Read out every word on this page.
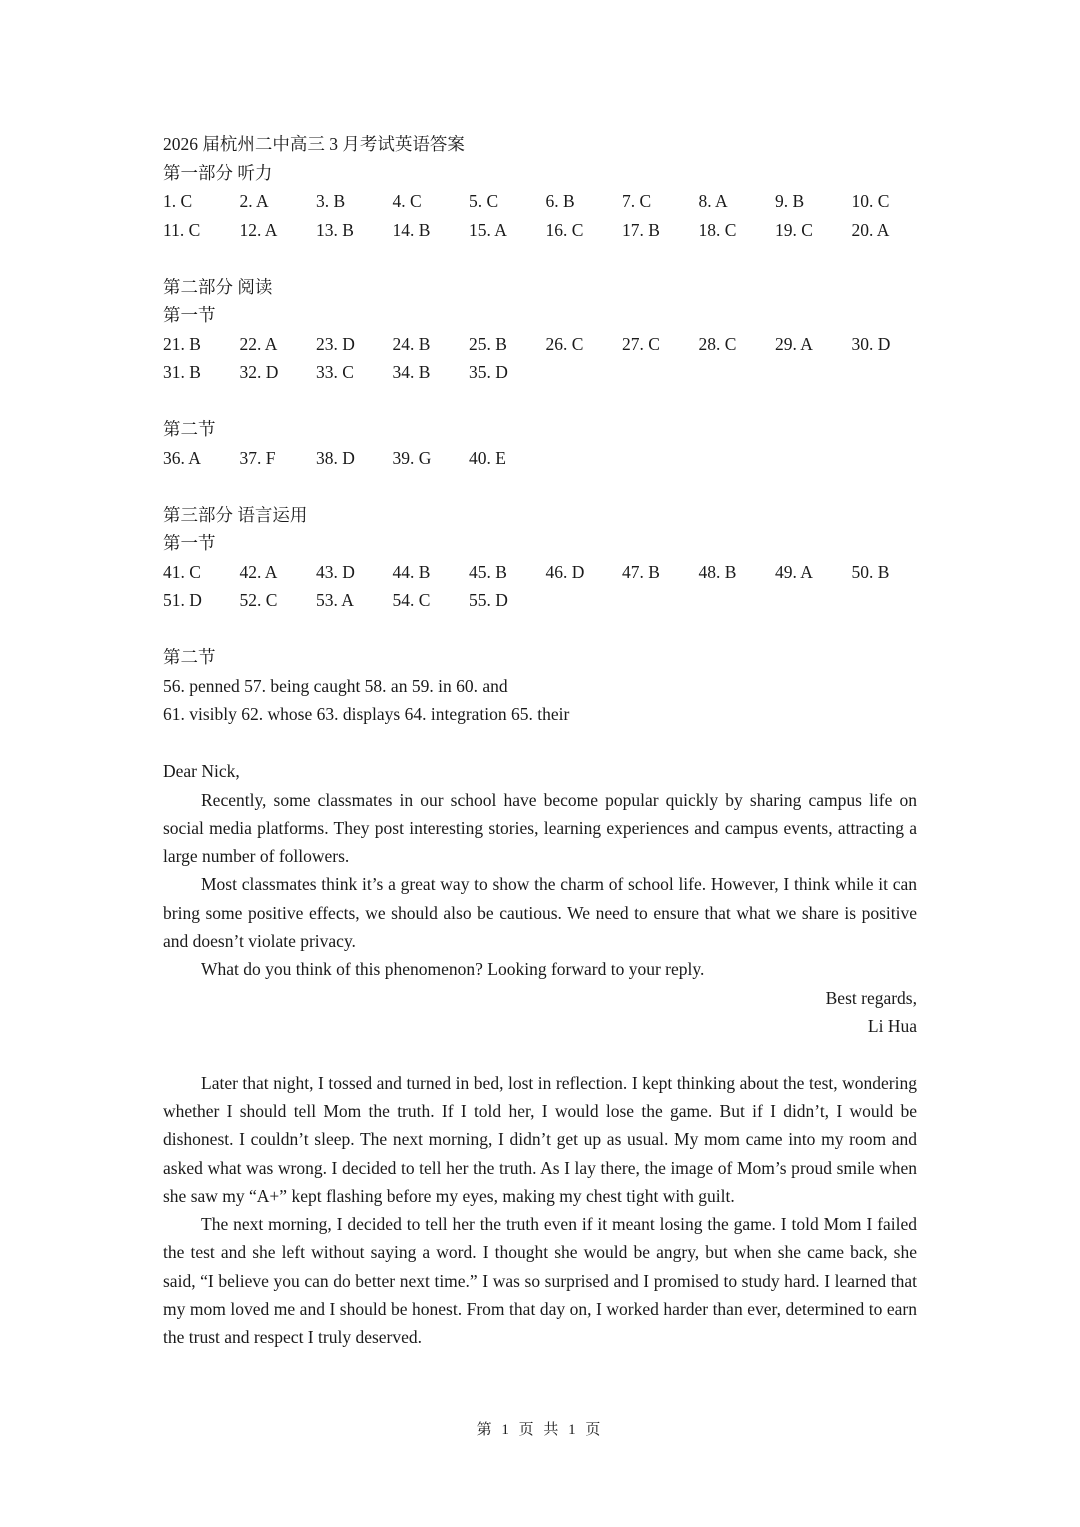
2026 届杭州二中高三 3 月考试英语答案
第一部分 听力
1. C	2. A	3. B	4. C	5. C	6. B	7. C	8. A	9. B	10. C
11. C	12. A	13. B	14. B	15. A	16. C	17. B	18. C	19. C	20. A
第二部分 阅读
第一节
21. B	22. A	23. D	24. B	25. B	26. C	27. C	28. C	29. A	30. D
31. B	32. D	33. C	34. B	35. D
第二节
36. A	37. F	38. D	39. G	40. E
第三部分 语言运用
第一节
41. C	42. A	43. D	44. B	45. B	46. D	47. B	48. B	49. A	50. B
51. D	52. C	53. A	54. C	55. D
第二节
56. penned 57. being caught 58. an 59. in 60. and
61. visibly 62. whose 63. displays 64. integration 65. their
Dear Nick,
Recently, some classmates in our school have become popular quickly by sharing campus life on social media platforms. They post interesting stories, learning experiences and campus events, attracting a large number of followers.
Most classmates think it’s a great way to show the charm of school life. However, I think while it can bring some positive effects, we should also be cautious. We need to ensure that what we share is positive and doesn’t violate privacy.
What do you think of this phenomenon? Looking forward to your reply.
Best regards,
Li Hua
Later that night, I tossed and turned in bed, lost in reflection. I kept thinking about the test, wondering whether I should tell Mom the truth. If I told her, I would lose the game. But if I didn’t, I would be dishonest. I couldn’t sleep. The next morning, I didn’t get up as usual. My mom came into my room and asked what was wrong. I decided to tell her the truth. As I lay there, the image of Mom’s proud smile when she saw my “A+” kept flashing before my eyes, making my chest tight with guilt.
The next morning, I decided to tell her the truth even if it meant losing the game. I told Mom I failed the test and she left without saying a word. I thought she would be angry, but when she came back, she said, “I believe you can do better next time.” I was so surprised and I promised to study hard. I learned that my mom loved me and I should be honest. From that day on, I worked harder than ever, determined to earn the trust and respect I truly deserved.
第 1 页 共 1 页
